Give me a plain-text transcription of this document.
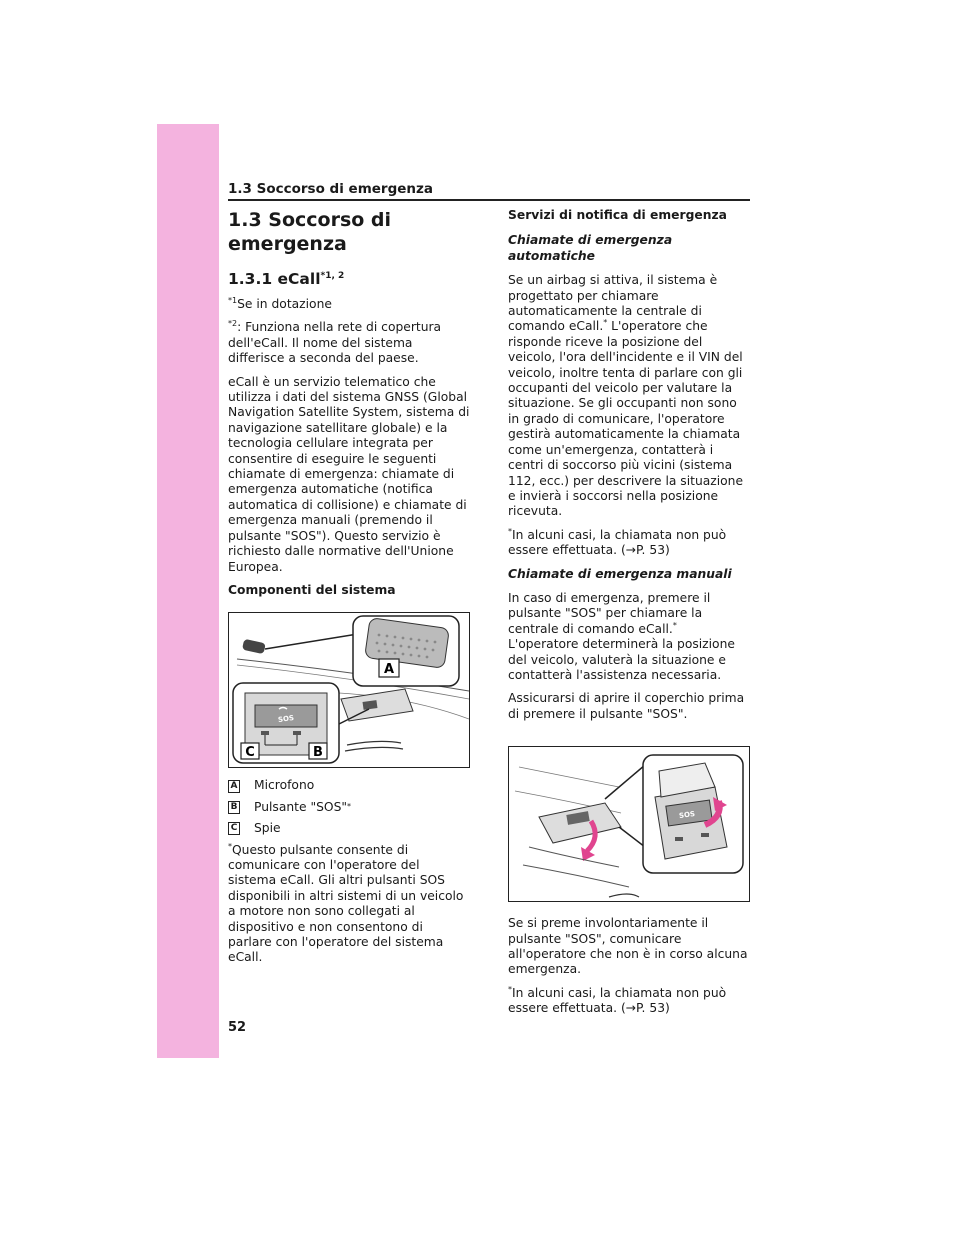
1.3 Soccorso di emergenza
1.3 Soccorso di emergenza
1.3.1 eCall$^{*1, 2}$

$^{*1}$Se in dotazione

$^{*2}$: Funziona nella rete di copertura dell'eCall. Il nome del sistema differisce a seconda del paese.

eCall è un servizio telematico che utilizza i dati del sistema GNSS (Global Navigation Satellite System, sistema di navigazione satellitare globale) e la tecnologia cellulare integrata per consentire di eseguire le seguenti chiamate di emergenza: chiamate di emergenza automatiche (notifica automatica di collisione) e chiamate di emergenza manuali (premendo il pulsante "SOS"). Questo servizio è richiesto dalle normative dell'Unione Europea.

Componenti del sistema
A
SOS
C	B
A Microfono
B Pulsante "SOS" *
C Spie

*Questo pulsante consente di comunicare con l'operatore del sistema eCall. Gli altri pulsanti SOS disponibili in altri sistemi di un veicolo a motore non sono collegati al dispositivo e non consentono di parlare con l'operatore del sistema eCall.

Servizi di notifica di emergenza
Chiamate di emergenza automatiche

Se un airbag si attiva, il sistema è progettato per chiamare automaticamente la centrale di comando eCall.* L'operatore che risponde riceve la posizione del veicolo, l'ora dell'incidente e il VIN del veicolo, inoltre tenta di parlare con gli occupanti del veicolo per valutare la situazione. Se gli occupanti non sono in grado di comunicare, l'operatore gestirà automaticamente la chiamata come un'emergenza, contatterà i centri di soccorso più vicini (sistema 112, ecc.) per descrivere la situazione e invierà i soccorsi nella posizione ricevuta.

*In alcuni casi, la chiamata non può essere effettuata. (→P. 53)

Chiamate di emergenza manuali

In caso di emergenza, premere il pulsante "SOS" per chiamare la centrale di comando eCall.* L'operatore determinerà la posizione del veicolo, valuterà la situazione e contatterà l'assistenza necessaria.

Assicurarsi di aprire il coperchio prima di premere il pulsante "SOS".

SOS

Se si preme involontariamente il pulsante "SOS", comunicare all'operatore che non è in corso alcuna emergenza.

*In alcuni casi, la chiamata non può essere effettuata. (→P. 53)

52
